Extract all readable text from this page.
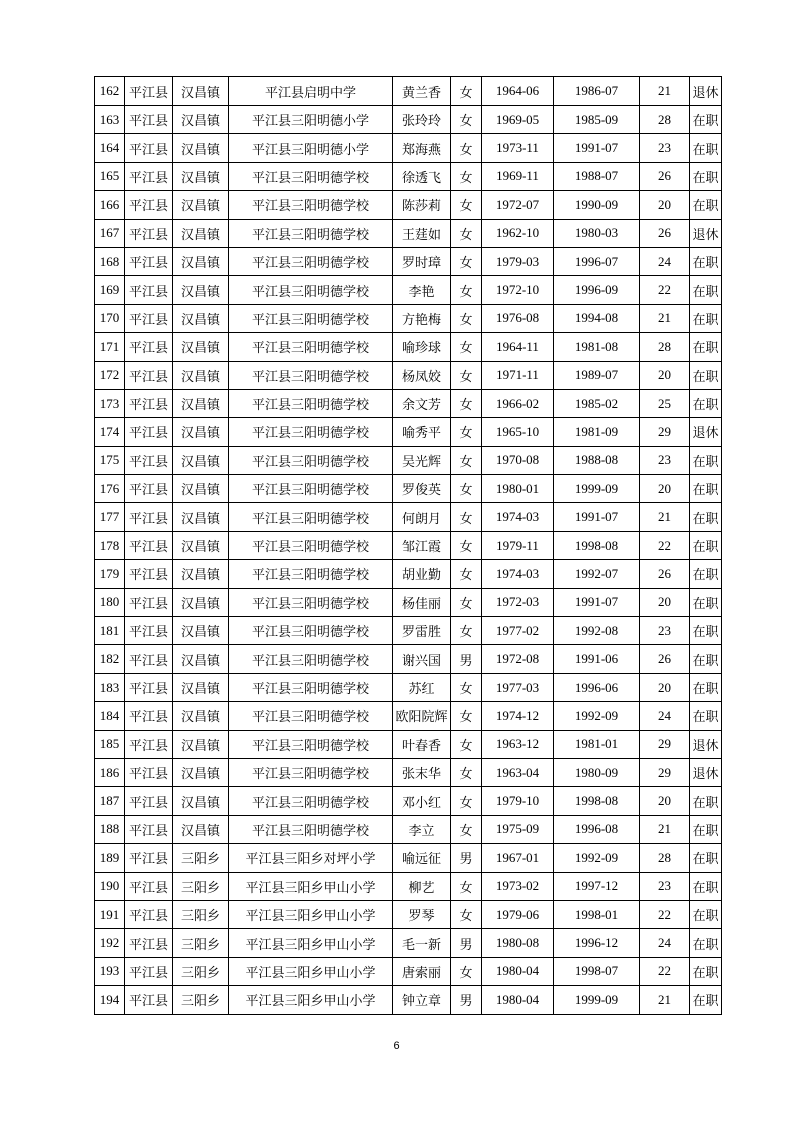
162	平江县	汉昌镇	平江县启明中学	黄兰香	女	1964-06	1986-07	21	退休
163	平江县	汉昌镇	平江县三阳明德小学	张玲玲	女	1969-05	1985-09	28	在职
164	平江县	汉昌镇	平江县三阳明德小学	郑海燕	女	1973-11	1991-07	23	在职
165	平江县	汉昌镇	平江县三阳明德学校	徐透飞	女	1969-11	1988-07	26	在职
166	平江县	汉昌镇	平江县三阳明德学校	陈莎莉	女	1972-07	1990-09	20	在职
167	平江县	汉昌镇	平江县三阳明德学校	王莛如	女	1962-10	1980-03	26	退休
168	平江县	汉昌镇	平江县三阳明德学校	罗时璋	女	1979-03	1996-07	24	在职
169	平江县	汉昌镇	平江县三阳明德学校	李艳	女	1972-10	1996-09	22	在职
170	平江县	汉昌镇	平江县三阳明德学校	方艳梅	女	1976-08	1994-08	21	在职
171	平江县	汉昌镇	平江县三阳明德学校	喻珍球	女	1964-11	1981-08	28	在职
172	平江县	汉昌镇	平江县三阳明德学校	杨凤姣	女	1971-11	1989-07	20	在职
173	平江县	汉昌镇	平江县三阳明德学校	余文芳	女	1966-02	1985-02	25	在职
174	平江县	汉昌镇	平江县三阳明德学校	喻秀平	女	1965-10	1981-09	29	退休
175	平江县	汉昌镇	平江县三阳明德学校	吴光辉	女	1970-08	1988-08	23	在职
176	平江县	汉昌镇	平江县三阳明德学校	罗俊英	女	1980-01	1999-09	20	在职
177	平江县	汉昌镇	平江县三阳明德学校	何朗月	女	1974-03	1991-07	21	在职
178	平江县	汉昌镇	平江县三阳明德学校	邹江霞	女	1979-11	1998-08	22	在职
179	平江县	汉昌镇	平江县三阳明德学校	胡业勤	女	1974-03	1992-07	26	在职
180	平江县	汉昌镇	平江县三阳明德学校	杨佳丽	女	1972-03	1991-07	20	在职
181	平江县	汉昌镇	平江县三阳明德学校	罗雷胜	女	1977-02	1992-08	23	在职
182	平江县	汉昌镇	平江县三阳明德学校	谢兴国	男	1972-08	1991-06	26	在职
183	平江县	汉昌镇	平江县三阳明德学校	苏红	女	1977-03	1996-06	20	在职
184	平江县	汉昌镇	平江县三阳明德学校	欧阳院辉	女	1974-12	1992-09	24	在职
185	平江县	汉昌镇	平江县三阳明德学校	叶春香	女	1963-12	1981-01	29	退休
186	平江县	汉昌镇	平江县三阳明德学校	张末华	女	1963-04	1980-09	29	退休
187	平江县	汉昌镇	平江县三阳明德学校	邓小红	女	1979-10	1998-08	20	在职
188	平江县	汉昌镇	平江县三阳明德学校	李立	女	1975-09	1996-08	21	在职
189	平江县	三阳乡	平江县三阳乡对坪小学	喻远征	男	1967-01	1992-09	28	在职
190	平江县	三阳乡	平江县三阳乡甲山小学	柳艺	女	1973-02	1997-12	23	在职
191	平江县	三阳乡	平江县三阳乡甲山小学	罗琴	女	1979-06	1998-01	22	在职
192	平江县	三阳乡	平江县三阳乡甲山小学	毛一新	男	1980-08	1996-12	24	在职
193	平江县	三阳乡	平江县三阳乡甲山小学	唐索丽	女	1980-04	1998-07	22	在职
194	平江县	三阳乡	平江县三阳乡甲山小学	钟立章	男	1980-04	1999-09	21	在职
6
